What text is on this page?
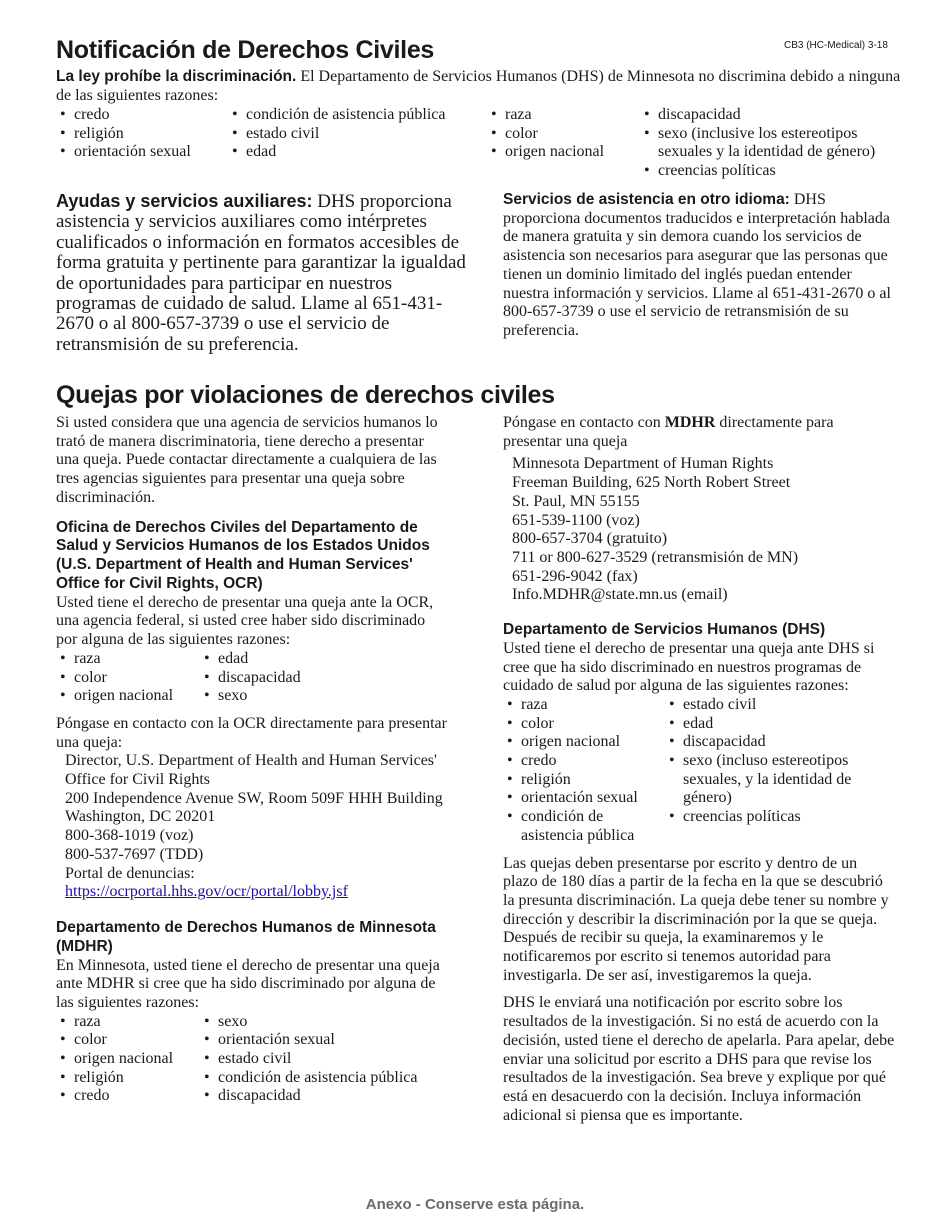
Notificación de Derechos Civiles	CB3 (HC-Medical) 3-18
La ley prohíbe la discriminación. El Departamento de Servicios Humanos (DHS) de Minnesota no discrimina debido a ninguna de las siguientes razones:
• credo
• religión
• orientación sexual
• condición de asistencia pública
• estado civil
• edad
• raza
• color
• origen nacional
• discapacidad
• sexo (inclusive los estereotipos sexuales y la identidad de género)
• creencias políticas
Ayudas y servicios auxiliares: DHS proporciona asistencia y servicios auxiliares como intérpretes cualificados o información en formatos accesibles de forma gratuita y pertinente para garantizar la igualdad de oportunidades para participar en nuestros programas de cuidado de salud. Llame al 651-431-2670 o al 800-657-3739 o use el servicio de retransmisión de su preferencia.
Servicios de asistencia en otro idioma: DHS proporciona documentos traducidos e interpretación hablada de manera gratuita y sin demora cuando los servicios de asistencia son necesarios para asegurar que las personas que tienen un dominio limitado del inglés puedan entender nuestra información y servicios. Llame al 651-431-2670 o al 800-657-3739 o use el servicio de retransmisión de su preferencia.
Quejas por violaciones de derechos civiles

Si usted considera que una agencia de servicios humanos lo trató de manera discriminatoria, tiene derecho a presentar una queja. Puede contactar directamente a cualquiera de las tres agencias siguientes para presentar una queja sobre discriminación.

Oficina de Derechos Civiles del Departamento de Salud y Servicios Humanos de los Estados Unidos (U.S. Department of Health and Human Services' Office for Civil Rights, OCR)

Usted tiene el derecho de presentar una queja ante la OCR, una agencia federal, si usted cree haber sido discriminado por alguna de las siguientes razones:

• raza
• color
• origen nacional
• edad
• discapacidad
• sexo

Póngase en contacto con la OCR directamente para presentar una queja:

Director, U.S. Department of Health and Human Services' Office for Civil Rights
200 Independence Avenue SW, Room 509F HHH Building
Washington, DC 20201
800-368-1019 (voz)
800-537-7697 (TDD)
Portal de denuncias:
https://ocrportal.hhs.gov/ocr/portal/lobby.jsf
Departamento de Derechos Humanos de Minnesota (MDHR)

En Minnesota, usted tiene el derecho de presentar una queja ante MDHR si cree que ha sido discriminado por alguna de las siguientes razones:

• raza
• color
• origen nacional
• religión
• credo
• sexo
• orientación sexual
• estado civil
• condición de asistencia pública
• discapacidad

Póngase en contacto con MDHR directamente para presentar una queja

Minnesota Department of Human Rights
Freeman Building, 625 North Robert Street
St. Paul, MN 55155
651-539-1100 (voz)
800-657-3704 (gratuito)
711 or 800-627-3529 (retransmisión de MN)
651-296-9042 (fax)
Info.MDHR@state.mn.us (email)
Departamento de Servicios Humanos (DHS)

Usted tiene el derecho de presentar una queja ante DHS si cree que ha sido discriminado en nuestros programas de cuidado de salud por alguna de las siguientes razones:

• raza
• color
• origen nacional
• credo
• religión
• orientación sexual
• condición de asistencia pública
• estado civil
• edad
• discapacidad
• sexo (incluso estereotipos sexuales, y la identidad de género)
• creencias políticas

Las quejas deben presentarse por escrito y dentro de un plazo de 180 días a partir de la fecha en la que se descubrió la presunta discriminación. La queja debe tener su nombre y dirección y describir la discriminación por la que se queja. Después de recibir su queja, la examinaremos y le notificaremos por escrito si tenemos autoridad para investigarla. De ser así, investigaremos la queja.

DHS le enviará una notificación por escrito sobre los resultados de la investigación. Si no está de acuerdo con la decisión, usted tiene el derecho de apelarla. Para apelar, debe enviar una solicitud por escrito a DHS para que revise los resultados de la investigación. Sea breve y explique por qué está en desacuerdo con la decisión. Incluya información adicional si piensa que es importante.

Anexo - Conserve esta página.
